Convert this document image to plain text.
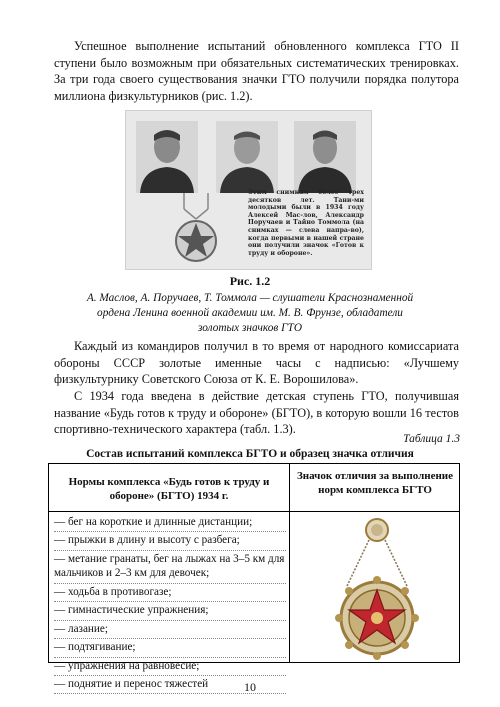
Успешное выполнение испытаний обновленного комплекса ГТО II ступени было возможным при обязательных систематических тренировках. За три года своего существования значки ГТО получили порядка полутора миллиона физкультурников (рис. 1.2).

Этим снимкам более трех десятков лет. Тани-ми молодыми были в 1934 году Алексей Мас-лов, Александр Поручаев и Тайно Томмола (на снимках — слева напра-во), когда первыми в нашей стране они получили значок «Готов к труду и обороне».

Рис. 1.2

А. Маслов, А. Поручаев, Т. Томмола — слушатели Краснознаменной ордена Ленина военной академии им. М. В. Фрунзе, обладатели золотых значков ГТО

Каждый из командиров получил в то время от народного комиссариата обороны СССР золотые именные часы с надписью: «Лучшему физкультурнику Советского Союза от К. Е. Ворошилова».

С 1934 года введена в действие детская ступень ГТО, получившая название «Будь готов к труду и обороне» (БГТО), в которую вошли 16 тестов спортивно-технического характера (табл. 1.3).

Таблица 1.3
Состав испытаний комплекса БГТО и образец значка отличия
Нормы комплекса «Будь готов к труду и обороне» (БГТО) 1934 г.
Значок отличия за выполнение норм комплекса БГТО
— бег на короткие и длинные дистанции;
— прыжки в длину и высоту с разбега;
— метание гранаты, бег на лыжах на 3–5 км для мальчиков и 2–3 км для девочек;
— ходьба в противогазе;
— гимнастические упражнения;
— лазание;
— подтягивание;
— упражнения на равновесие;
— поднятие и перенос тяжестей	10
